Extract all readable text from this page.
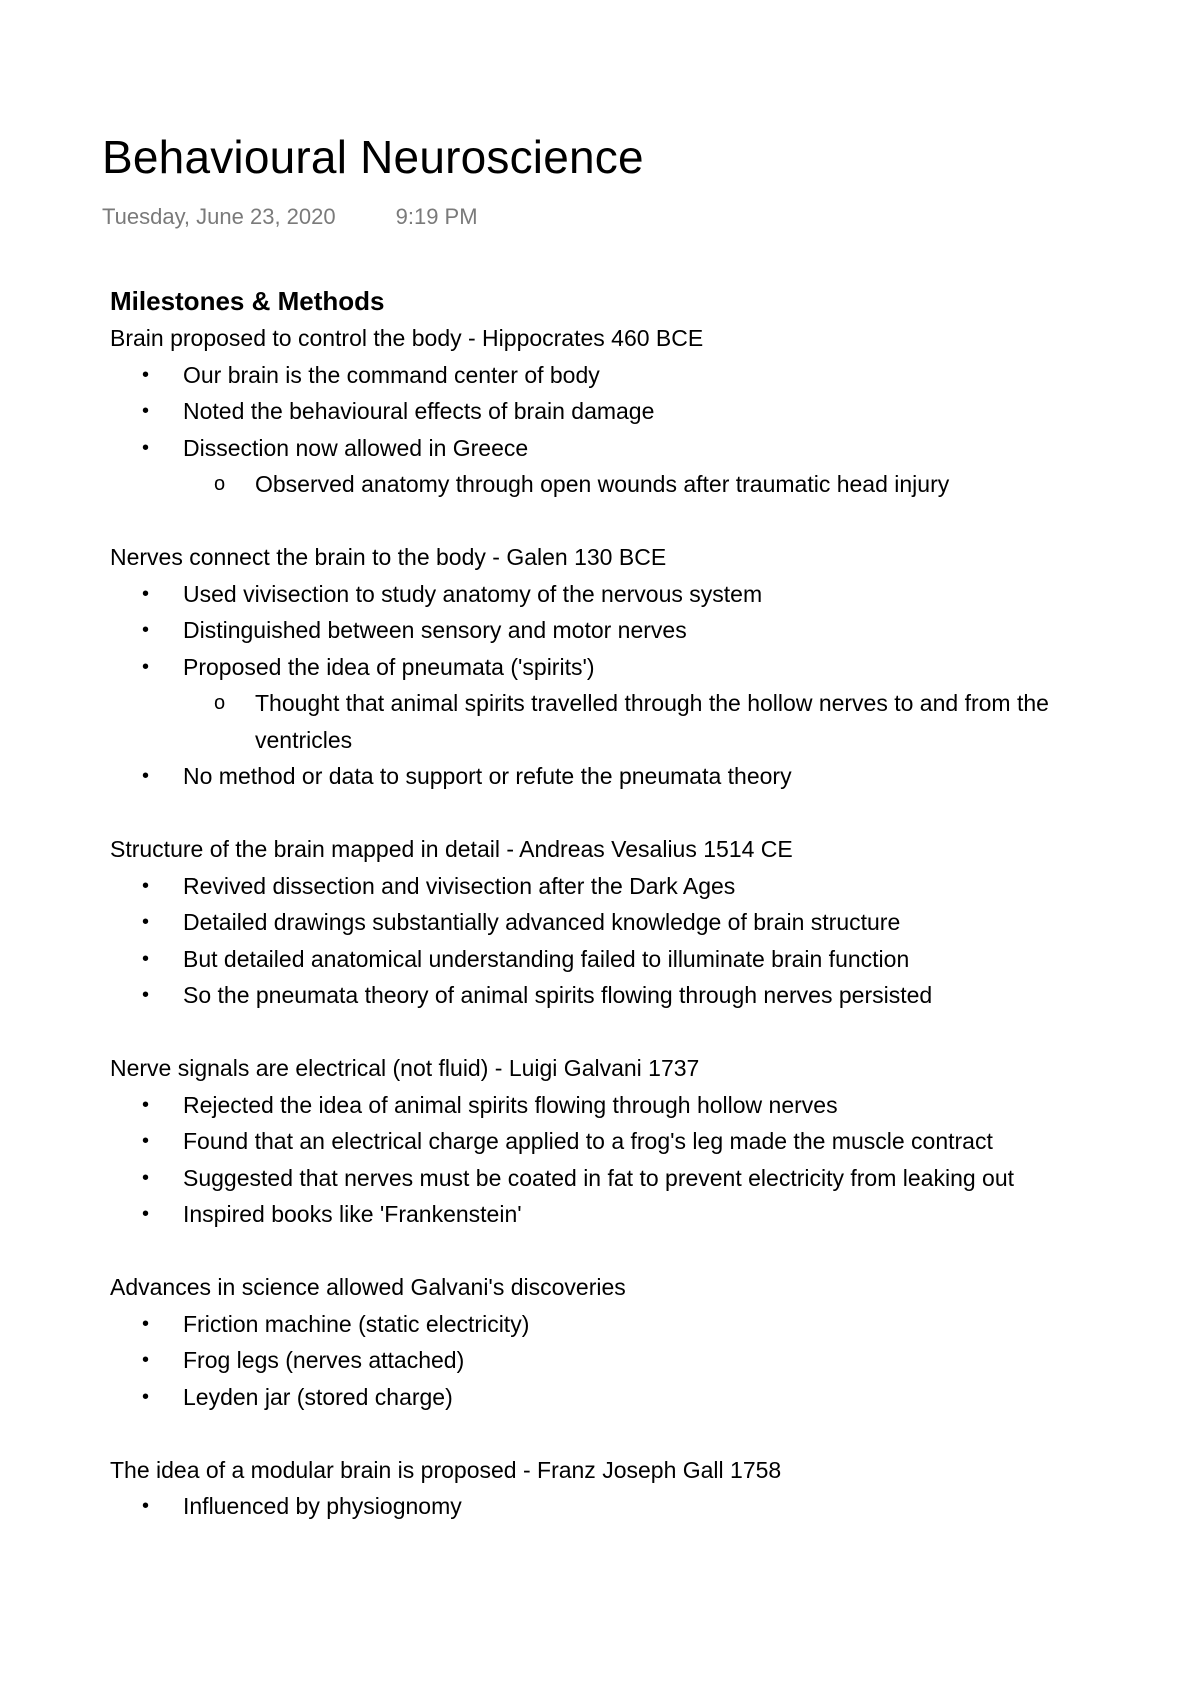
Behavioural Neuroscience
Tuesday, June 23, 2020	9:19 PM

Milestones & Methods

Brain proposed to control the body - Hippocrates 460 BCE

• Our brain is the command center of body
• Noted the behavioural effects of brain damage
• Dissection now allowed in Greece
o Observed anatomy through open wounds after traumatic head injury

Nerves connect the brain to the body - Galen 130 BCE

• Used vivisection to study anatomy of the nervous system
• Distinguished between sensory and motor nerves
• Proposed the idea of pneumata ('spirits')
o Thought that animal spirits travelled through the hollow nerves to and from the ventricles
• No method or data to support or refute the pneumata theory

Structure of the brain mapped in detail - Andreas Vesalius 1514 CE

• Revived dissection and vivisection after the Dark Ages
• Detailed drawings substantially advanced knowledge of brain structure
• But detailed anatomical understanding failed to illuminate brain function
• So the pneumata theory of animal spirits flowing through nerves persisted

Nerve signals are electrical (not fluid) - Luigi Galvani 1737

• Rejected the idea of animal spirits flowing through hollow nerves
• Found that an electrical charge applied to a frog's leg made the muscle contract
• Suggested that nerves must be coated in fat to prevent electricity from leaking out
• Inspired books like 'Frankenstein'

Advances in science allowed Galvani's discoveries

• Friction machine (static electricity)
• Frog legs (nerves attached)
• Leyden jar (stored charge)

The idea of a modular brain is proposed - Franz Joseph Gall 1758

• Influenced by physiognomy
